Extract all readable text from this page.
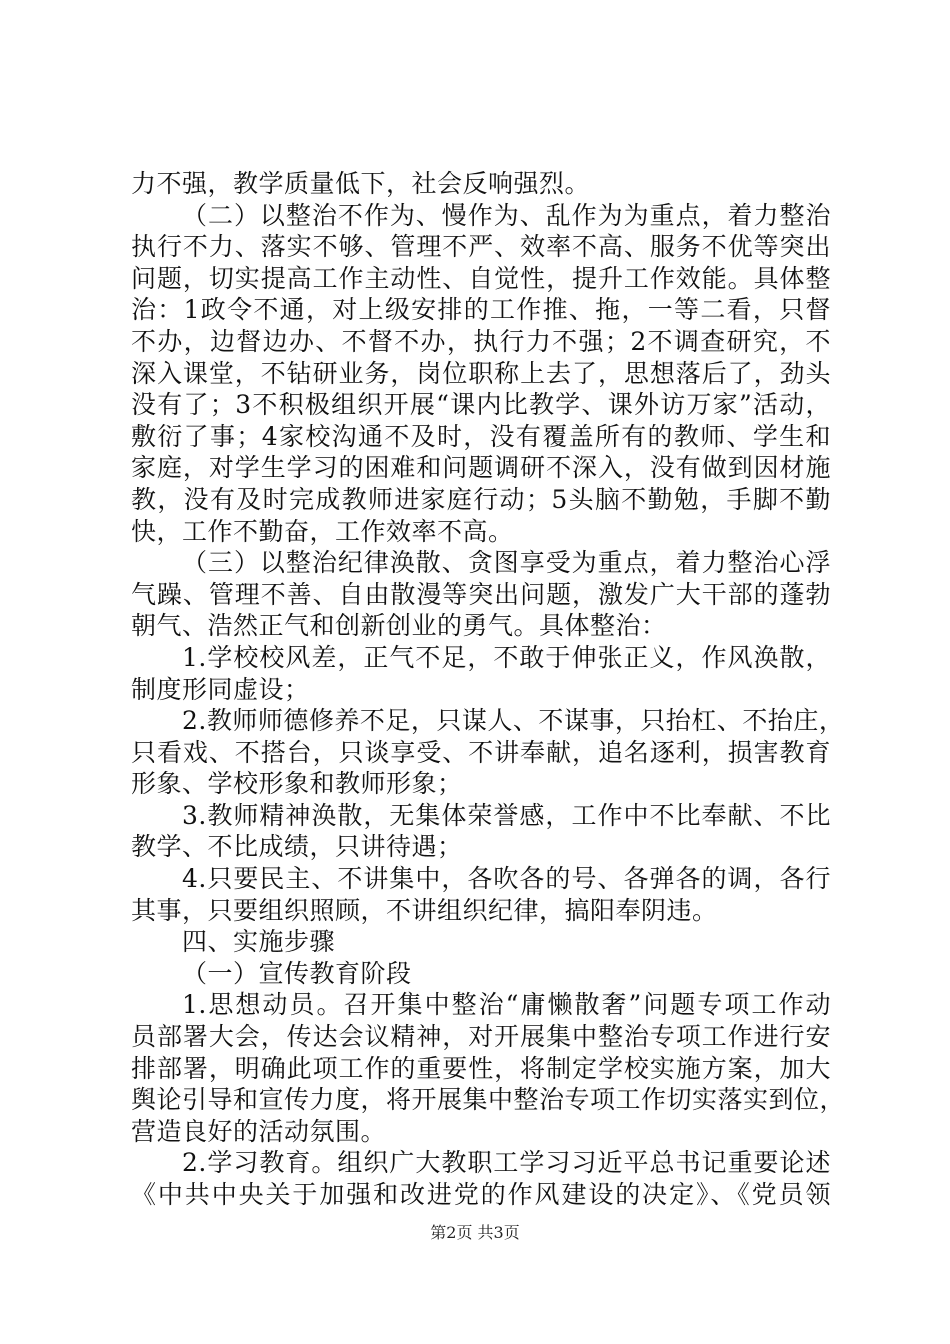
力不强，教学质量低下，社会反响强烈。
（二）以整治不作为、慢作为、乱作为为重点，着力整治
执行不力、落实不够、管理不严、效率不高、服务不优等突出
问题，切实提高工作主动性、自觉性，提升工作效能。具体整
治：1政令不通，对上级安排的工作推、拖，一等二看，只督
不办，边督边办、不督不办，执行力不强；2不调查研究，不
深入课堂，不钻研业务，岗位职称上去了，思想落后了，劲头
没有了；3不积极组织开展“课内比教学、课外访万家”活动，
敷衍了事；4家校沟通不及时，没有覆盖所有的教师、学生和
家庭，对学生学习的困难和问题调研不深入，没有做到因材施
教，没有及时完成教师进家庭行动；5头脑不勤勉，手脚不勤
快，工作不勤奋，工作效率不高。
（三）以整治纪律涣散、贪图享受为重点，着力整治心浮
气躁、管理不善、自由散漫等突出问题，激发广大干部的蓬勃
朝气、浩然正气和创新创业的勇气。具体整治：
1.学校校风差，正气不足，不敢于伸张正义，作风涣散，
制度形同虚设；
2.教师师德修养不足，只谋人、不谋事，只抬杠、不抬庄，
只看戏、不搭台，只谈享受、不讲奉献，追名逐利，损害教育
形象、学校形象和教师形象；
3.教师精神涣散，无集体荣誉感，工作中不比奉献、不比
教学、不比成绩，只讲待遇；
4.只要民主、不讲集中，各吹各的号、各弹各的调，各行
其事，只要组织照顾，不讲组织纪律，搞阳奉阴违。
四、实施步骤
（一）宣传教育阶段
1.思想动员。召开集中整治“庸懒散奢”问题专项工作动
员部署大会，传达会议精神，对开展集中整治专项工作进行安
排部署，明确此项工作的重要性，将制定学校实施方案，加大
舆论引导和宣传力度，将开展集中整治专项工作切实落实到位，
营造良好的活动氛围。
2.学习教育。组织广大教职工学习习近平总书记重要论述
《中共中央关于加强和改进党的作风建设的决定》、《党员领
第2页 共3页
